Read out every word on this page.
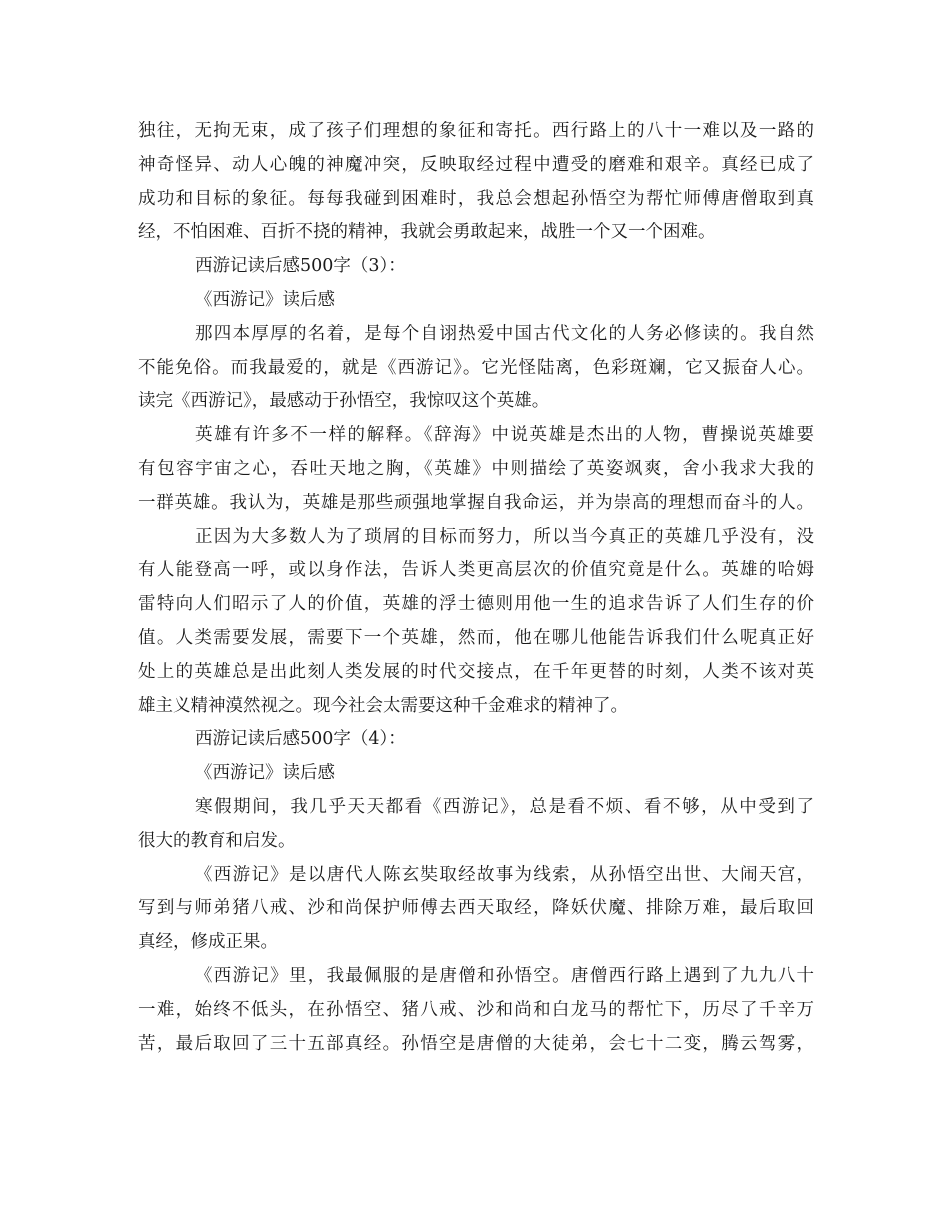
独往，无拘无束，成了孩子们理想的象征和寄托。西行路上的八十一难以及一路的
神奇怪异、动人心魄的神魔冲突，反映取经过程中遭受的磨难和艰辛。真经已成了
成功和目标的象征。每每我碰到困难时，我总会想起孙悟空为帮忙师傅唐僧取到真
经，不怕困难、百折不挠的精神，我就会勇敢起来，战胜一个又一个困难。
西游记读后感500字（3）：
《西游记》读后感
那四本厚厚的名着，是每个自诩热爱中国古代文化的人务必修读的。我自然
不能免俗。而我最爱的，就是《西游记》。它光怪陆离，色彩斑斓，它又振奋人心。
读完《西游记》，最感动于孙悟空，我惊叹这个英雄。
英雄有许多不一样的解释。《辞海》中说英雄是杰出的人物，曹操说英雄要
有包容宇宙之心，吞吐天地之胸，《英雄》中则描绘了英姿飒爽，舍小我求大我的
一群英雄。我认为，英雄是那些顽强地掌握自我命运，并为崇高的理想而奋斗的人。
正因为大多数人为了琐屑的目标而努力，所以当今真正的英雄几乎没有，没
有人能登高一呼，或以身作法，告诉人类更高层次的价值究竟是什么。英雄的哈姆
雷特向人们昭示了人的价值，英雄的浮士德则用他一生的追求告诉了人们生存的价
值。人类需要发展，需要下一个英雄，然而，他在哪儿他能告诉我们什么呢真正好
处上的英雄总是出此刻人类发展的时代交接点，在千年更替的时刻，人类不该对英
雄主义精神漠然视之。现今社会太需要这种千金难求的精神了。
西游记读后感500字（4）：
《西游记》读后感
寒假期间，我几乎天天都看《西游记》，总是看不烦、看不够，从中受到了
很大的教育和启发。
《西游记》是以唐代人陈玄奘取经故事为线索，从孙悟空出世、大闹天宫，
写到与师弟猪八戒、沙和尚保护师傅去西天取经，降妖伏魔、排除万难，最后取回
真经，修成正果。
《西游记》里，我最佩服的是唐僧和孙悟空。唐僧西行路上遇到了九九八十
一难，始终不低头，在孙悟空、猪八戒、沙和尚和白龙马的帮忙下，历尽了千辛万
苦，最后取回了三十五部真经。孙悟空是唐僧的大徒弟，会七十二变，腾云驾雾，
